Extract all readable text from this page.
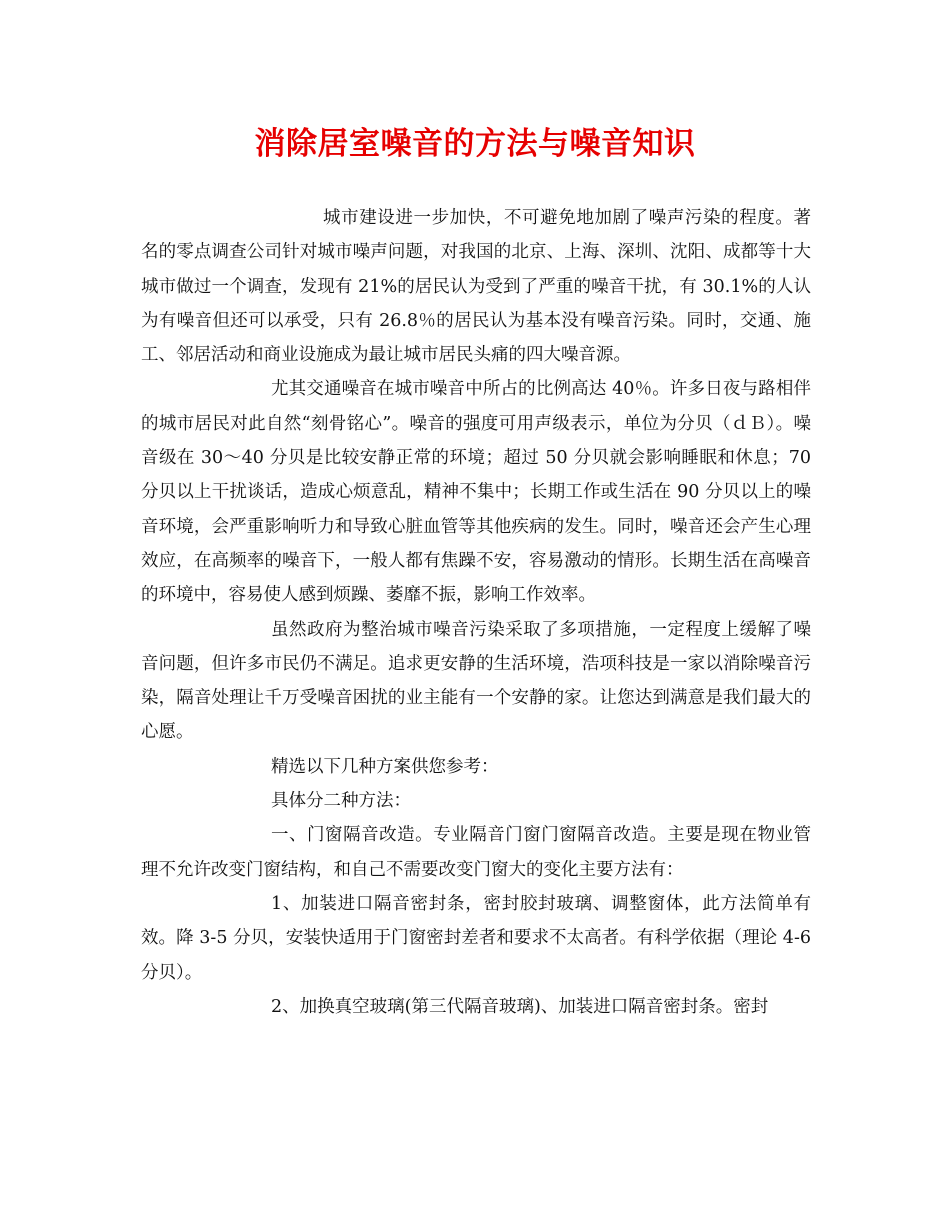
消除居室噪音的方法与噪音知识

城市建设进一步加快，不可避免地加剧了噪声污染的程度。著名的零点调查公司针对城市噪声问题，对我国的北京、上海、深圳、沈阳、成都等十大城市做过一个调查，发现有 21%的居民认为受到了严重的噪音干扰，有 30.1%的人认为有噪音但还可以承受，只有 26.8％的居民认为基本没有噪音污染。同时，交通、施工、邻居活动和商业设施成为最让城市居民头痛的四大噪音源。

尤其交通噪音在城市噪音中所占的比例高达 40％。许多日夜与路相伴的城市居民对此自然“刻骨铭心”。噪音的强度可用声级表示，单位为分贝（ｄＢ）。噪音级在 30～40 分贝是比较安静正常的环境；超过 50 分贝就会影响睡眠和休息；70 分贝以上干扰谈话，造成心烦意乱，精神不集中；长期工作或生活在 90 分贝以上的噪音环境，会严重影响听力和导致心脏血管等其他疾病的发生。同时，噪音还会产生心理效应，在高频率的噪音下，一般人都有焦躁不安，容易激动的情形。长期生活在高噪音的环境中，容易使人感到烦躁、萎靡不振，影响工作效率。

虽然政府为整治城市噪音污染采取了多项措施，一定程度上缓解了噪音问题，但许多市民仍不满足。追求更安静的生活环境，浩项科技是一家以消除噪音污染，隔音处理让千万受噪音困扰的业主能有一个安静的家。让您达到满意是我们最大的心愿。

精选以下几种方案供您参考：

具体分二种方法：

一、门窗隔音改造。专业隔音门窗门窗隔音改造。主要是现在物业管理不允许改变门窗结构，和自己不需要改变门窗大的变化主要方法有：

1、加装进口隔音密封条，密封胶封玻璃、调整窗体，此方法简单有效。降 3-5 分贝，安装快适用于门窗密封差者和要求不太高者。有科学依据（理论 4-6 分贝）。

2、加换真空玻璃(第三代隔音玻璃)、加装进口隔音密封条。密封
